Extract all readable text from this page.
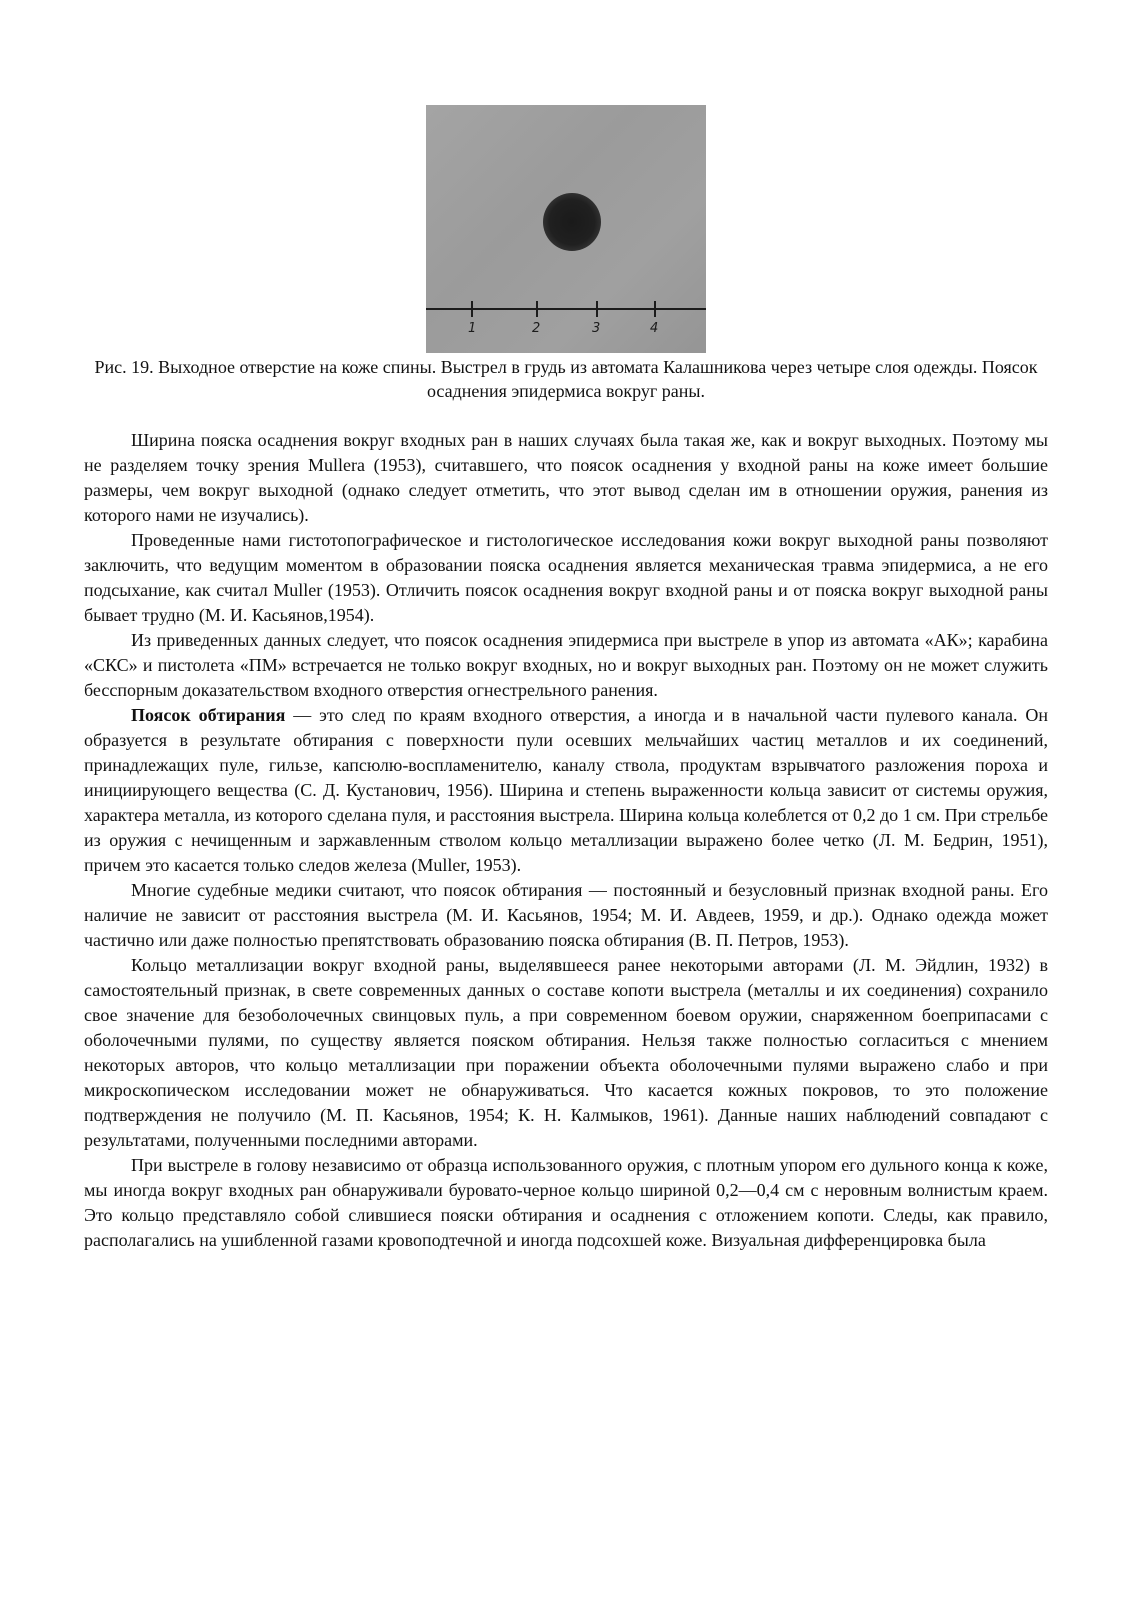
1	2	3	4
Рис. 19. Выходное отверстие на коже спины. Выстрел в грудь из автомата Калашникова через четыре слоя одежды. Поясок осаднения эпидермиса вокруг раны.

Ширина пояска осаднения вокруг входных ран в наших случаях была такая же, как и вокруг выходных. Поэтому мы не разделяем точку зрения Mullera (1953), считавшего, что поясок осаднения у входной раны на коже имеет большие размеры, чем вокруг выходной (однако следует отметить, что этот вывод сделан им в отношении оружия, ранения из которого нами не изучались).

Проведенные нами гистотопографическое и гистологическое исследования кожи вокруг выходной раны позволяют заключить, что ведущим моментом в образовании пояска осаднения является механическая травма эпидермиса, а не его подсыхание, как считал Muller (1953). Отличить поясок осаднения вокруг входной раны и от пояска вокруг выходной раны бывает трудно (М. И. Касьянов,1954).

Из приведенных данных следует, что поясок осаднения эпидермиса при выстреле в упор из автомата «АК»; карабина «СКС» и пистолета «ПМ» встречается не только вокруг входных, но и вокруг выходных ран. Поэтому он не может служить бесспорным доказательством входного отверстия огнестрельного ранения.

Поясок обтирания — это след по краям входного отверстия, а иногда и в начальной части пулевого канала. Он образуется в результате обтирания с поверхности пули осевших мельчайших частиц металлов и их соединений, принадлежащих пуле, гильзе, капсюлю-воспламенителю, каналу ствола, продуктам взрывчатого разложения пороха и инициирующего вещества (С. Д. Кустанович, 1956). Ширина и степень выраженности кольца зависит от системы оружия, характера металла, из которого сделана пуля, и расстояния выстрела. Ширина кольца колеблется от 0,2 до 1 см. При стрельбе из оружия с нечищенным и заржавленным стволом кольцо металлизации выражено более четко (Л. М. Бедрин, 1951), причем это касается только следов железа (Muller, 1953).

Многие судебные медики считают, что поясок обтирания — постоянный и безусловный признак входной раны. Его наличие не зависит от расстояния выстрела (М. И. Касьянов, 1954; М. И. Авдеев, 1959, и др.). Однако одежда может частично или даже полностью препятствовать образованию пояска обтирания (В. П. Петров, 1953).

Кольцо металлизации вокруг входной раны, выделявшееся ранее некоторыми авторами (Л. М. Эйдлин, 1932) в самостоятельный признак, в свете современных данных о составе копоти выстрела (металлы и их соединения) сохранило свое значение для безоболочечных свинцовых пуль, а при современном боевом оружии, снаряженном боеприпасами с оболочечными пулями, по существу является пояском обтирания. Нельзя также полностью согласиться с мнением некоторых авторов, что кольцо металлизации при поражении объекта оболочечными пулями выражено слабо и при микроскопическом исследовании может не обнаруживаться. Что касается кожных покровов, то это положение подтверждения не получило (М. П. Касьянов, 1954; К. Н. Калмыков, 1961). Данные наших наблюдений совпадают с результатами, полученными последними авторами.

При выстреле в голову независимо от образца использованного оружия, с плотным упором его дульного конца к коже, мы иногда вокруг входных ран обнаруживали буровато-черное кольцо шириной 0,2—0,4 см с неровным волнистым краем. Это кольцо представляло собой слившиеся пояски обтирания и осаднения с отложением копоти. Следы, как правило, располагались на ушибленной газами кровоподтечной и иногда подсохшей коже. Визуальная дифференцировка была
